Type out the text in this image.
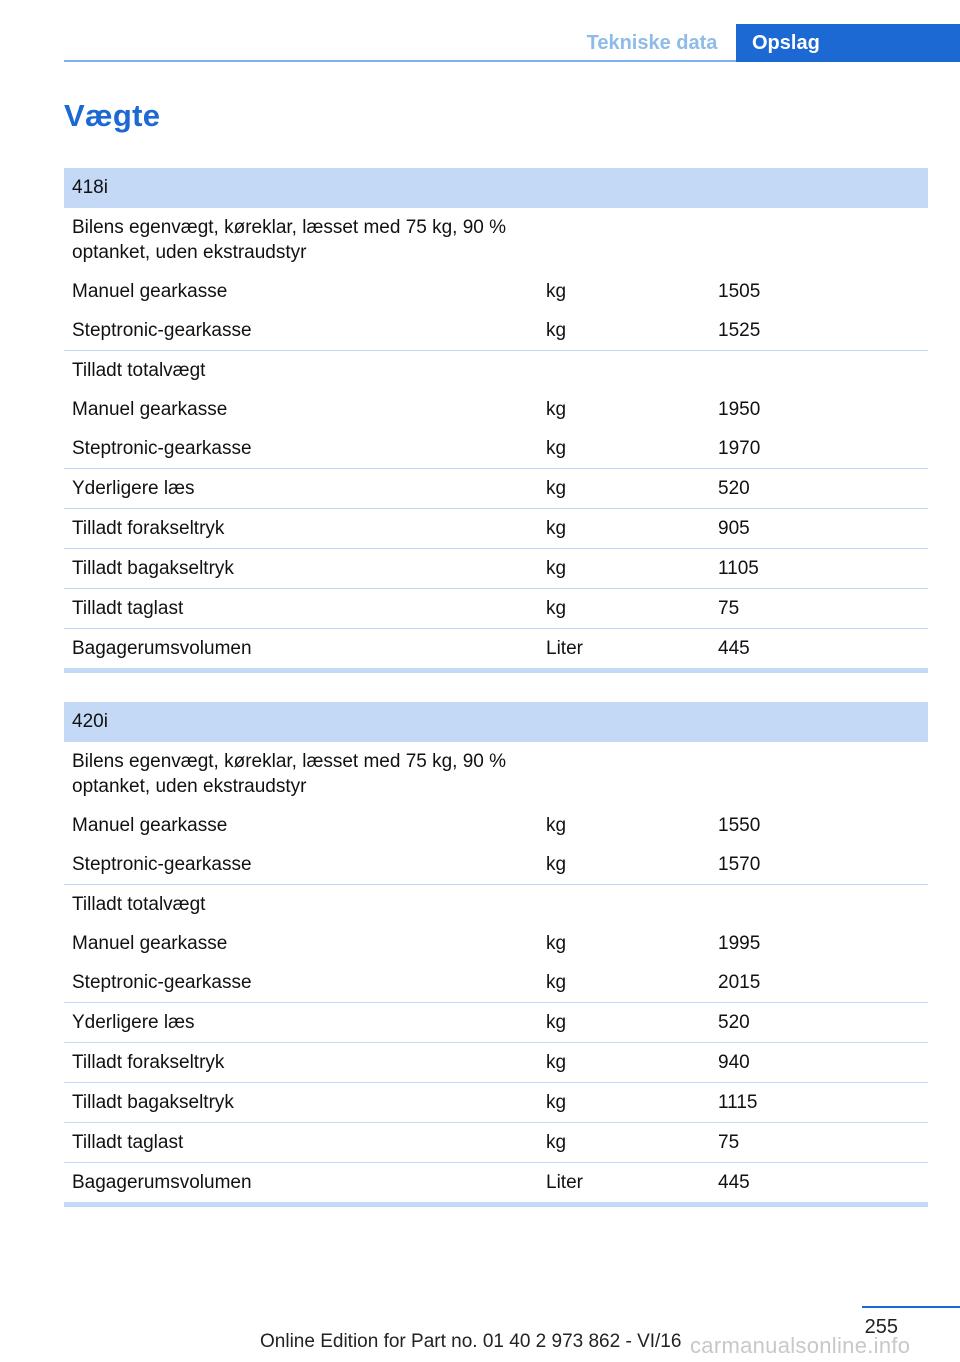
Tekniske data	Opslag
Vægte
418i		
Bilens egenvægt, køreklar, læsset med 75 kg, 90 % optanket, uden ekstraudstyr		
Manuel gearkasse	kg	1505
Steptronic-gearkasse	kg	1525
Tilladt totalvægt		
Manuel gearkasse	kg	1950
Steptronic-gearkasse	kg	1970
Yderligere læs	kg	520
Tilladt forakseltryk	kg	905
Tilladt bagakseltryk	kg	1105
Tilladt taglast	kg	75
Bagagerumsvolumen	Liter	445
420i		
Bilens egenvægt, køreklar, læsset med 75 kg, 90 % optanket, uden ekstraudstyr		
Manuel gearkasse	kg	1550
Steptronic-gearkasse	kg	1570
Tilladt totalvægt		
Manuel gearkasse	kg	1995
Steptronic-gearkasse	kg	2015
Yderligere læs	kg	520
Tilladt forakseltryk	kg	940
Tilladt bagakseltryk	kg	1115
Tilladt taglast	kg	75
Bagagerumsvolumen	Liter	445
255
Online Edition for Part no. 01 40 2 973 862 - VI/16 carmanualsonline.info
